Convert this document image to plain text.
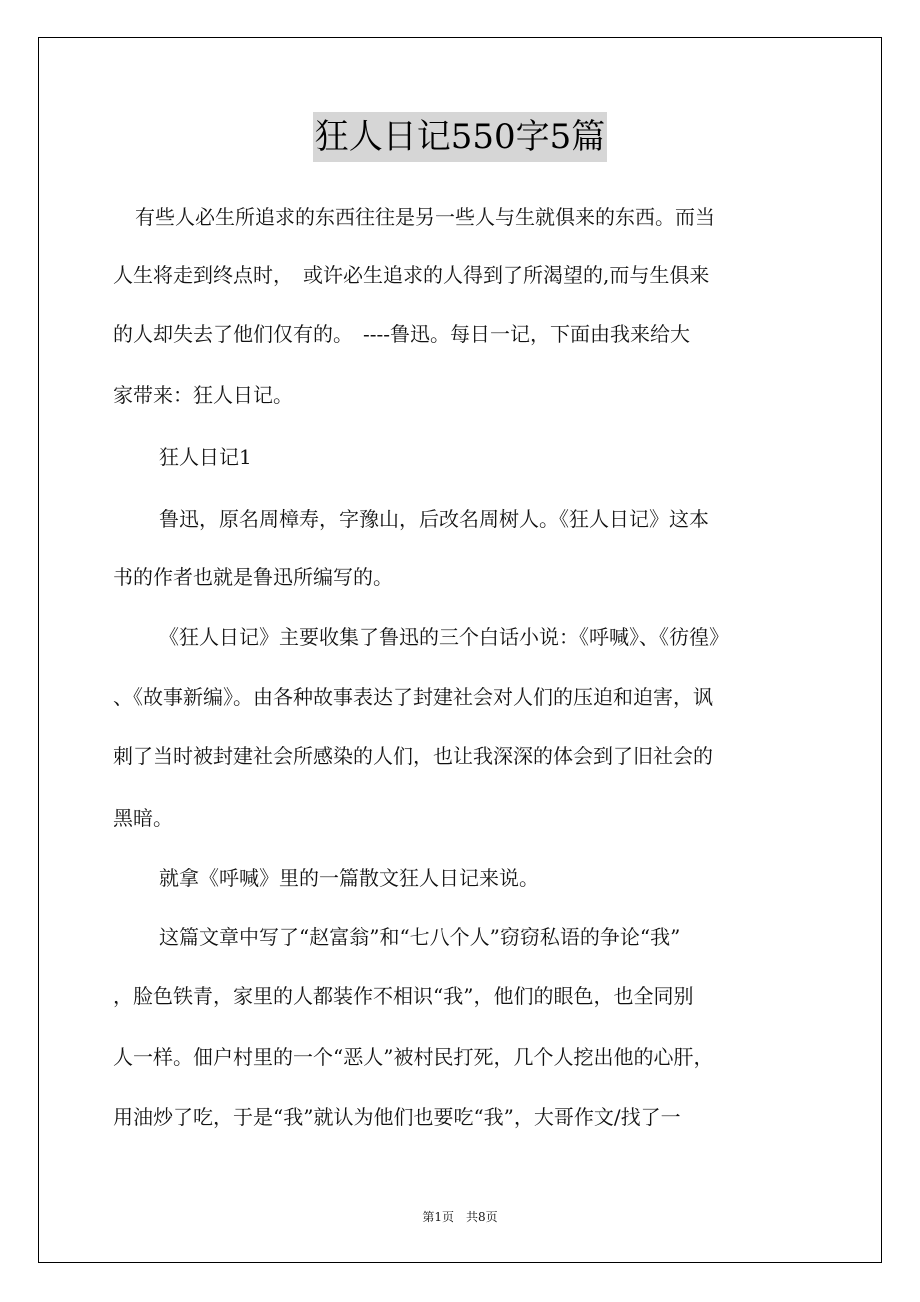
狂人日记550字5篇
有些人必生所追求的东西往往是另一些人与生就俱来的东西。而当
人生将走到终点时，　或许必生追求的人得到了所渴望的,而与生俱来
的人却失去了他们仅有的。　----鲁迅。每日一记，下面由我来给大
家带来：狂人日记。
狂人日记1
鲁迅，原名周樟寿，字豫山，后改名周树人。《狂人日记》这本
书的作者也就是鲁迅所编写的。
《狂人日记》主要收集了鲁迅的三个白话小说：《呼喊》、《彷徨》
、《故事新编》。由各种故事表达了封建社会对人们的压迫和迫害，讽
刺了当时被封建社会所感染的人们，也让我深深的体会到了旧社会的
黑暗。
就拿《呼喊》里的一篇散文狂人日记来说。
这篇文章中写了“赵富翁”和“七八个人”窃窃私语的争论“我”
，脸色铁青，家里的人都装作不相识“我”，他们的眼色，也全同别
人一样。佃户村里的一个“恶人”被村民打死，几个人挖出他的心肝，
用油炒了吃，于是“我”就认为他们也要吃“我”，大哥作文/找了一
第1页　共8页
